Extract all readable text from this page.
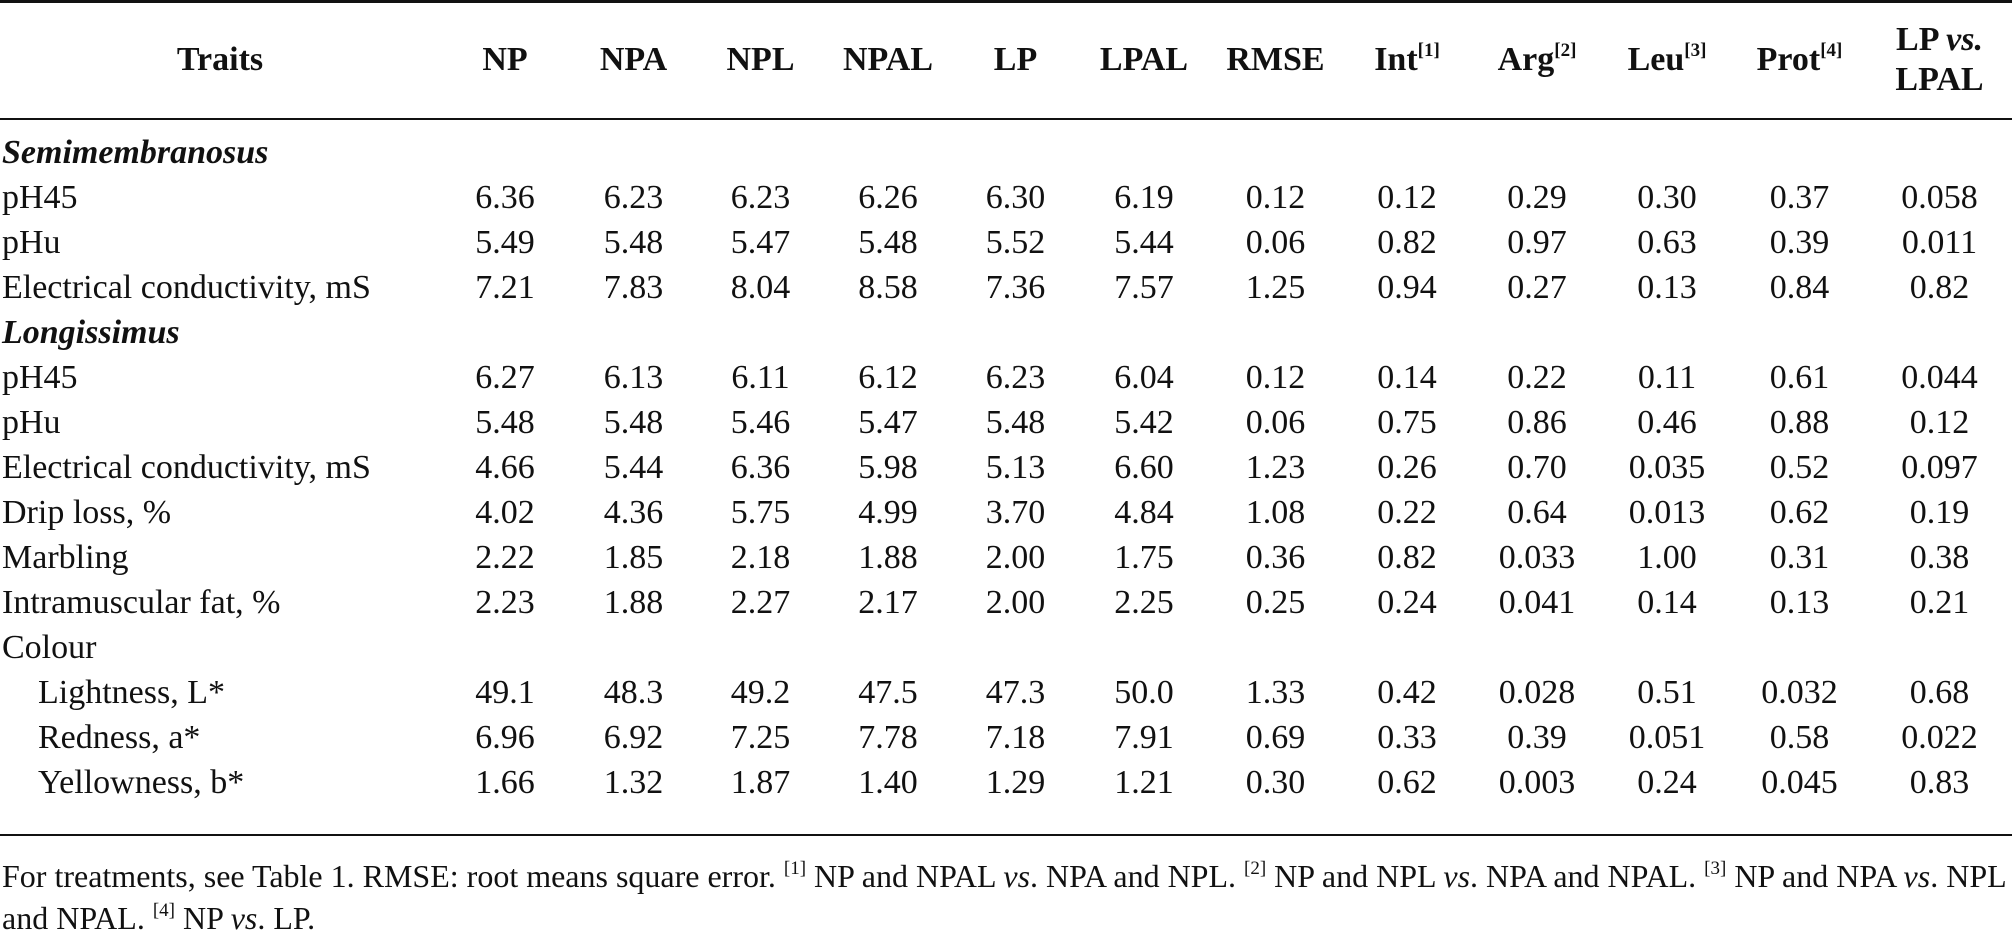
Traits	NP	NPA	NPL	NPAL	LP	LPAL	RMSE	Int[1]	Arg[2]	Leu[3]	Prot[4]	LP vs.
LPAL

Semimembranosus												
pH45	6.36	6.23	6.23	6.26	6.30	6.19	0.12	0.12	0.29	0.30	0.37	0.058
pHu	5.49	5.48	5.47	5.48	5.52	5.44	0.06	0.82	0.97	0.63	0.39	0.011
Electrical conductivity, mS	7.21	7.83	8.04	8.58	7.36	7.57	1.25	0.94	0.27	0.13	0.84	0.82
Longissimus												
pH45	6.27	6.13	6.11	6.12	6.23	6.04	0.12	0.14	0.22	0.11	0.61	0.044
pHu	5.48	5.48	5.46	5.47	5.48	5.42	0.06	0.75	0.86	0.46	0.88	0.12
Electrical conductivity, mS	4.66	5.44	6.36	5.98	5.13	6.60	1.23	0.26	0.70	0.035	0.52	0.097
Drip loss, %	4.02	4.36	5.75	4.99	3.70	4.84	1.08	0.22	0.64	0.013	0.62	0.19
Marbling	2.22	1.85	2.18	1.88	2.00	1.75	0.36	0.82	0.033	1.00	0.31	0.38
Intramuscular fat, %	2.23	1.88	2.27	2.17	2.00	2.25	0.25	0.24	0.041	0.14	0.13	0.21
Colour												
Lightness, L*	49.1	48.3	49.2	47.5	47.3	50.0	1.33	0.42	0.028	0.51	0.032	0.68
Redness, a*	6.96	6.92	7.25	7.78	7.18	7.91	0.69	0.33	0.39	0.051	0.58	0.022
Yellowness, b*	1.66	1.32	1.87	1.40	1.29	1.21	0.30	0.62	0.003	0.24	0.045	0.83
For treatments, see Table 1. RMSE: root means square error. [1] NP and NPAL vs. NPA and NPL. [2] NP and NPL vs. NPA and NPAL. [3] NP and NPA vs. NPL and NPAL. [4] NP vs. LP.
